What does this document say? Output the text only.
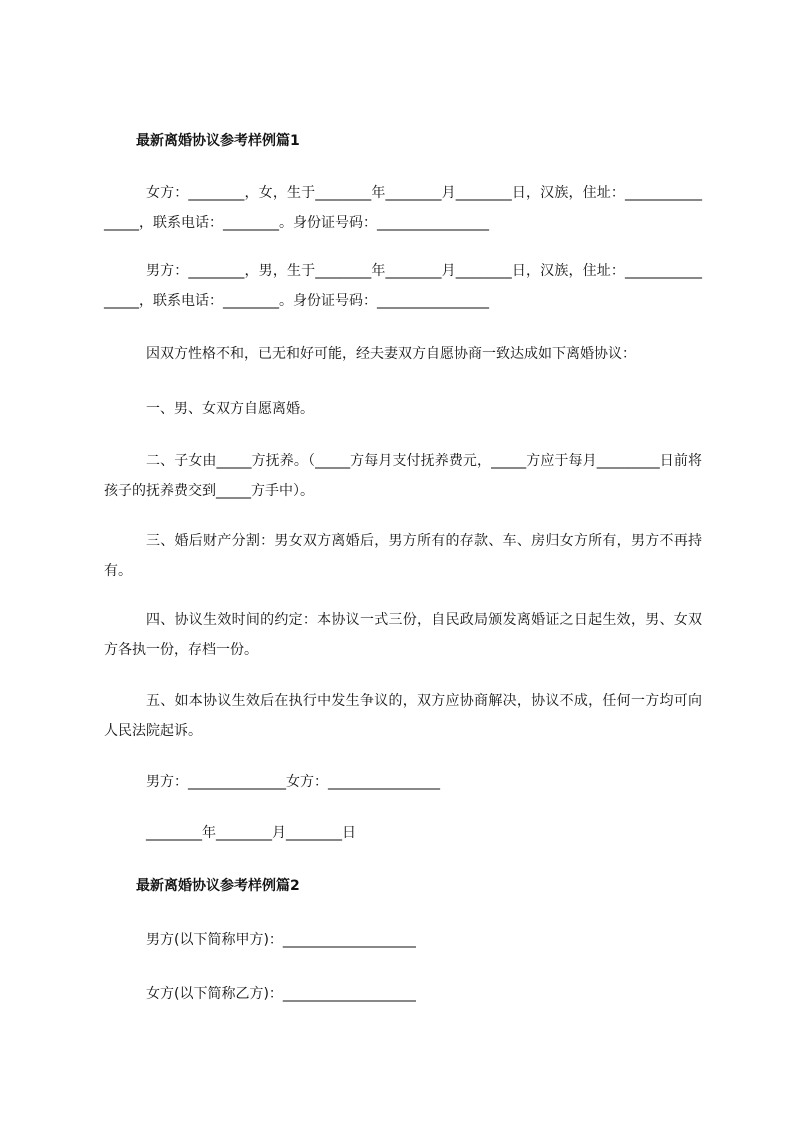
最新离婚协议参考样例篇1

女方：________，女，生于________年________月________日，汉族，住址：________________，联系电话：________。身份证号码：________________

男方：________，男，生于________年________月________日，汉族，住址：________________，联系电话：________。身份证号码：________________

因双方性格不和，已无和好可能，经夫妻双方自愿协商一致达成如下离婚协议：

一、男、女双方自愿离婚。

二、子女由_____方抚养。（_____方每月支付抚养费元，_____方应于每月_________日前将孩子的抚养费交到_____方手中）。

三、婚后财产分割：男女双方离婚后，男方所有的存款、车、房归女方所有，男方不再持有。

四、协议生效时间的约定：本协议一式三份，自民政局颁发离婚证之日起生效，男、女双方各执一份，存档一份。

五、如本协议生效后在执行中发生争议的，双方应协商解决，协议不成，任何一方均可向人民法院起诉。

男方：______________女方：________________

________年________月________日

最新离婚协议参考样例篇2

男方(以下简称甲方)：___________________

女方(以下简称乙方)：___________________
